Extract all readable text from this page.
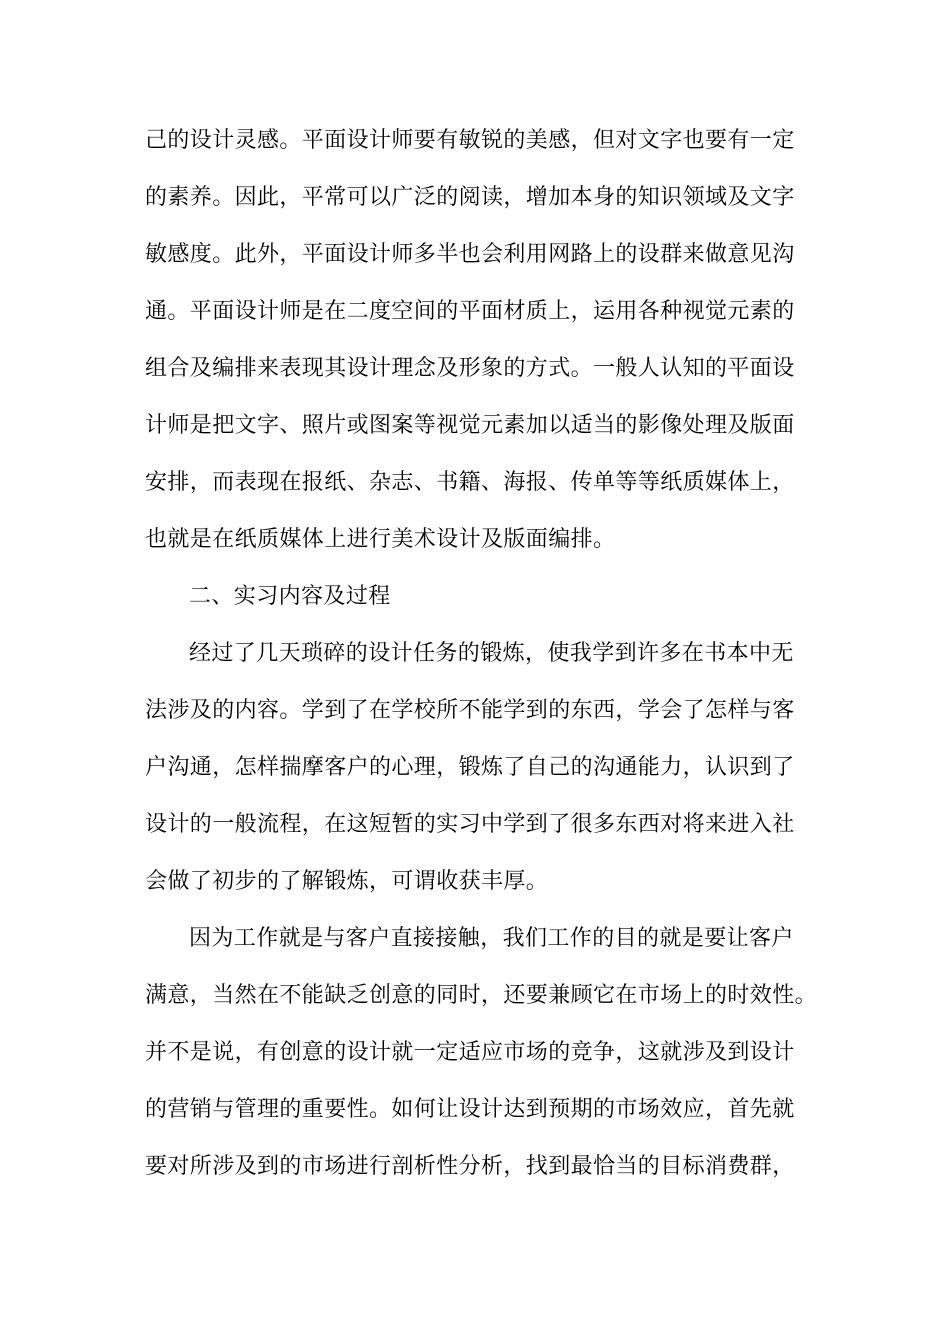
己的设计灵感。平面设计师要有敏锐的美感，但对文字也要有一定
的素养。因此，平常可以广泛的阅读，增加本身的知识领域及文字
敏感度。此外，平面设计师多半也会利用网路上的设群来做意见沟
通。平面设计师是在二度空间的平面材质上，运用各种视觉元素的
组合及编排来表现其设计理念及形象的方式。一般人认知的平面设
计师是把文字、照片或图案等视觉元素加以适当的影像处理及版面
安排，而表现在报纸、杂志、书籍、海报、传单等等纸质媒体上，
也就是在纸质媒体上进行美术设计及版面编排。
二、实习内容及过程
经过了几天琐碎的设计任务的锻炼，使我学到许多在书本中无
法涉及的内容。学到了在学校所不能学到的东西，学会了怎样与客
户沟通，怎样揣摩客户的心理，锻炼了自己的沟通能力，认识到了
设计的一般流程，在这短暂的实习中学到了很多东西对将来进入社
会做了初步的了解锻炼，可谓收获丰厚。
因为工作就是与客户直接接触，我们工作的目的就是要让客户
满意，当然在不能缺乏创意的同时，还要兼顾它在市场上的时效性。
并不是说，有创意的设计就一定适应市场的竞争，这就涉及到设计
的营销与管理的重要性。如何让设计达到预期的市场效应，首先就
要对所涉及到的市场进行剖析性分析，找到最恰当的目标消费群，
